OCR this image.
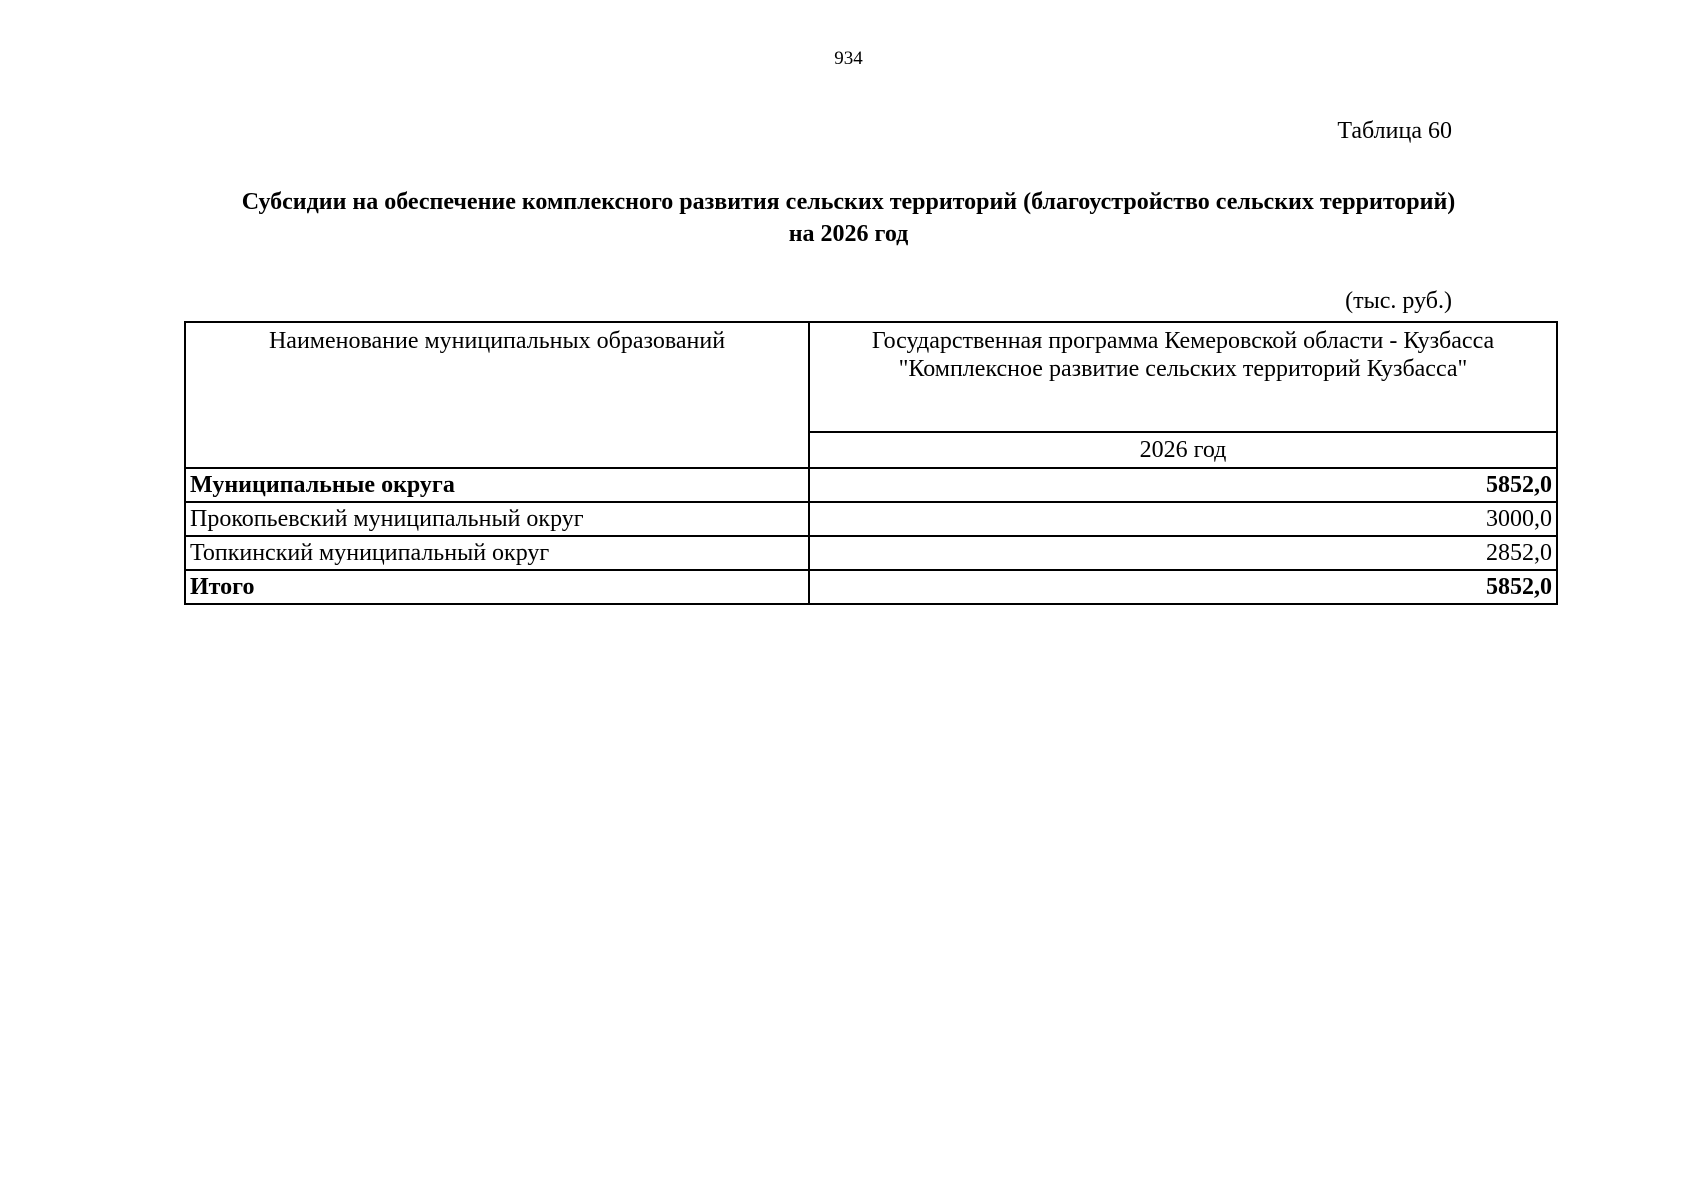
934
Таблица 60
Субсидии на обеспечение комплексного развития сельских территорий (благоустройство сельских территорий)
на 2026 год
(тыс. руб.)
Наименование муниципальных образований	Государственная программа Кемеровской области - Кузбасса
"Комплексное развитие сельских территорий Кузбасса"

	2026 год
Муниципальные округа	5852,0
Прокопьевский муниципальный округ	3000,0
Топкинский муниципальный округ	2852,0
Итого	5852,0
